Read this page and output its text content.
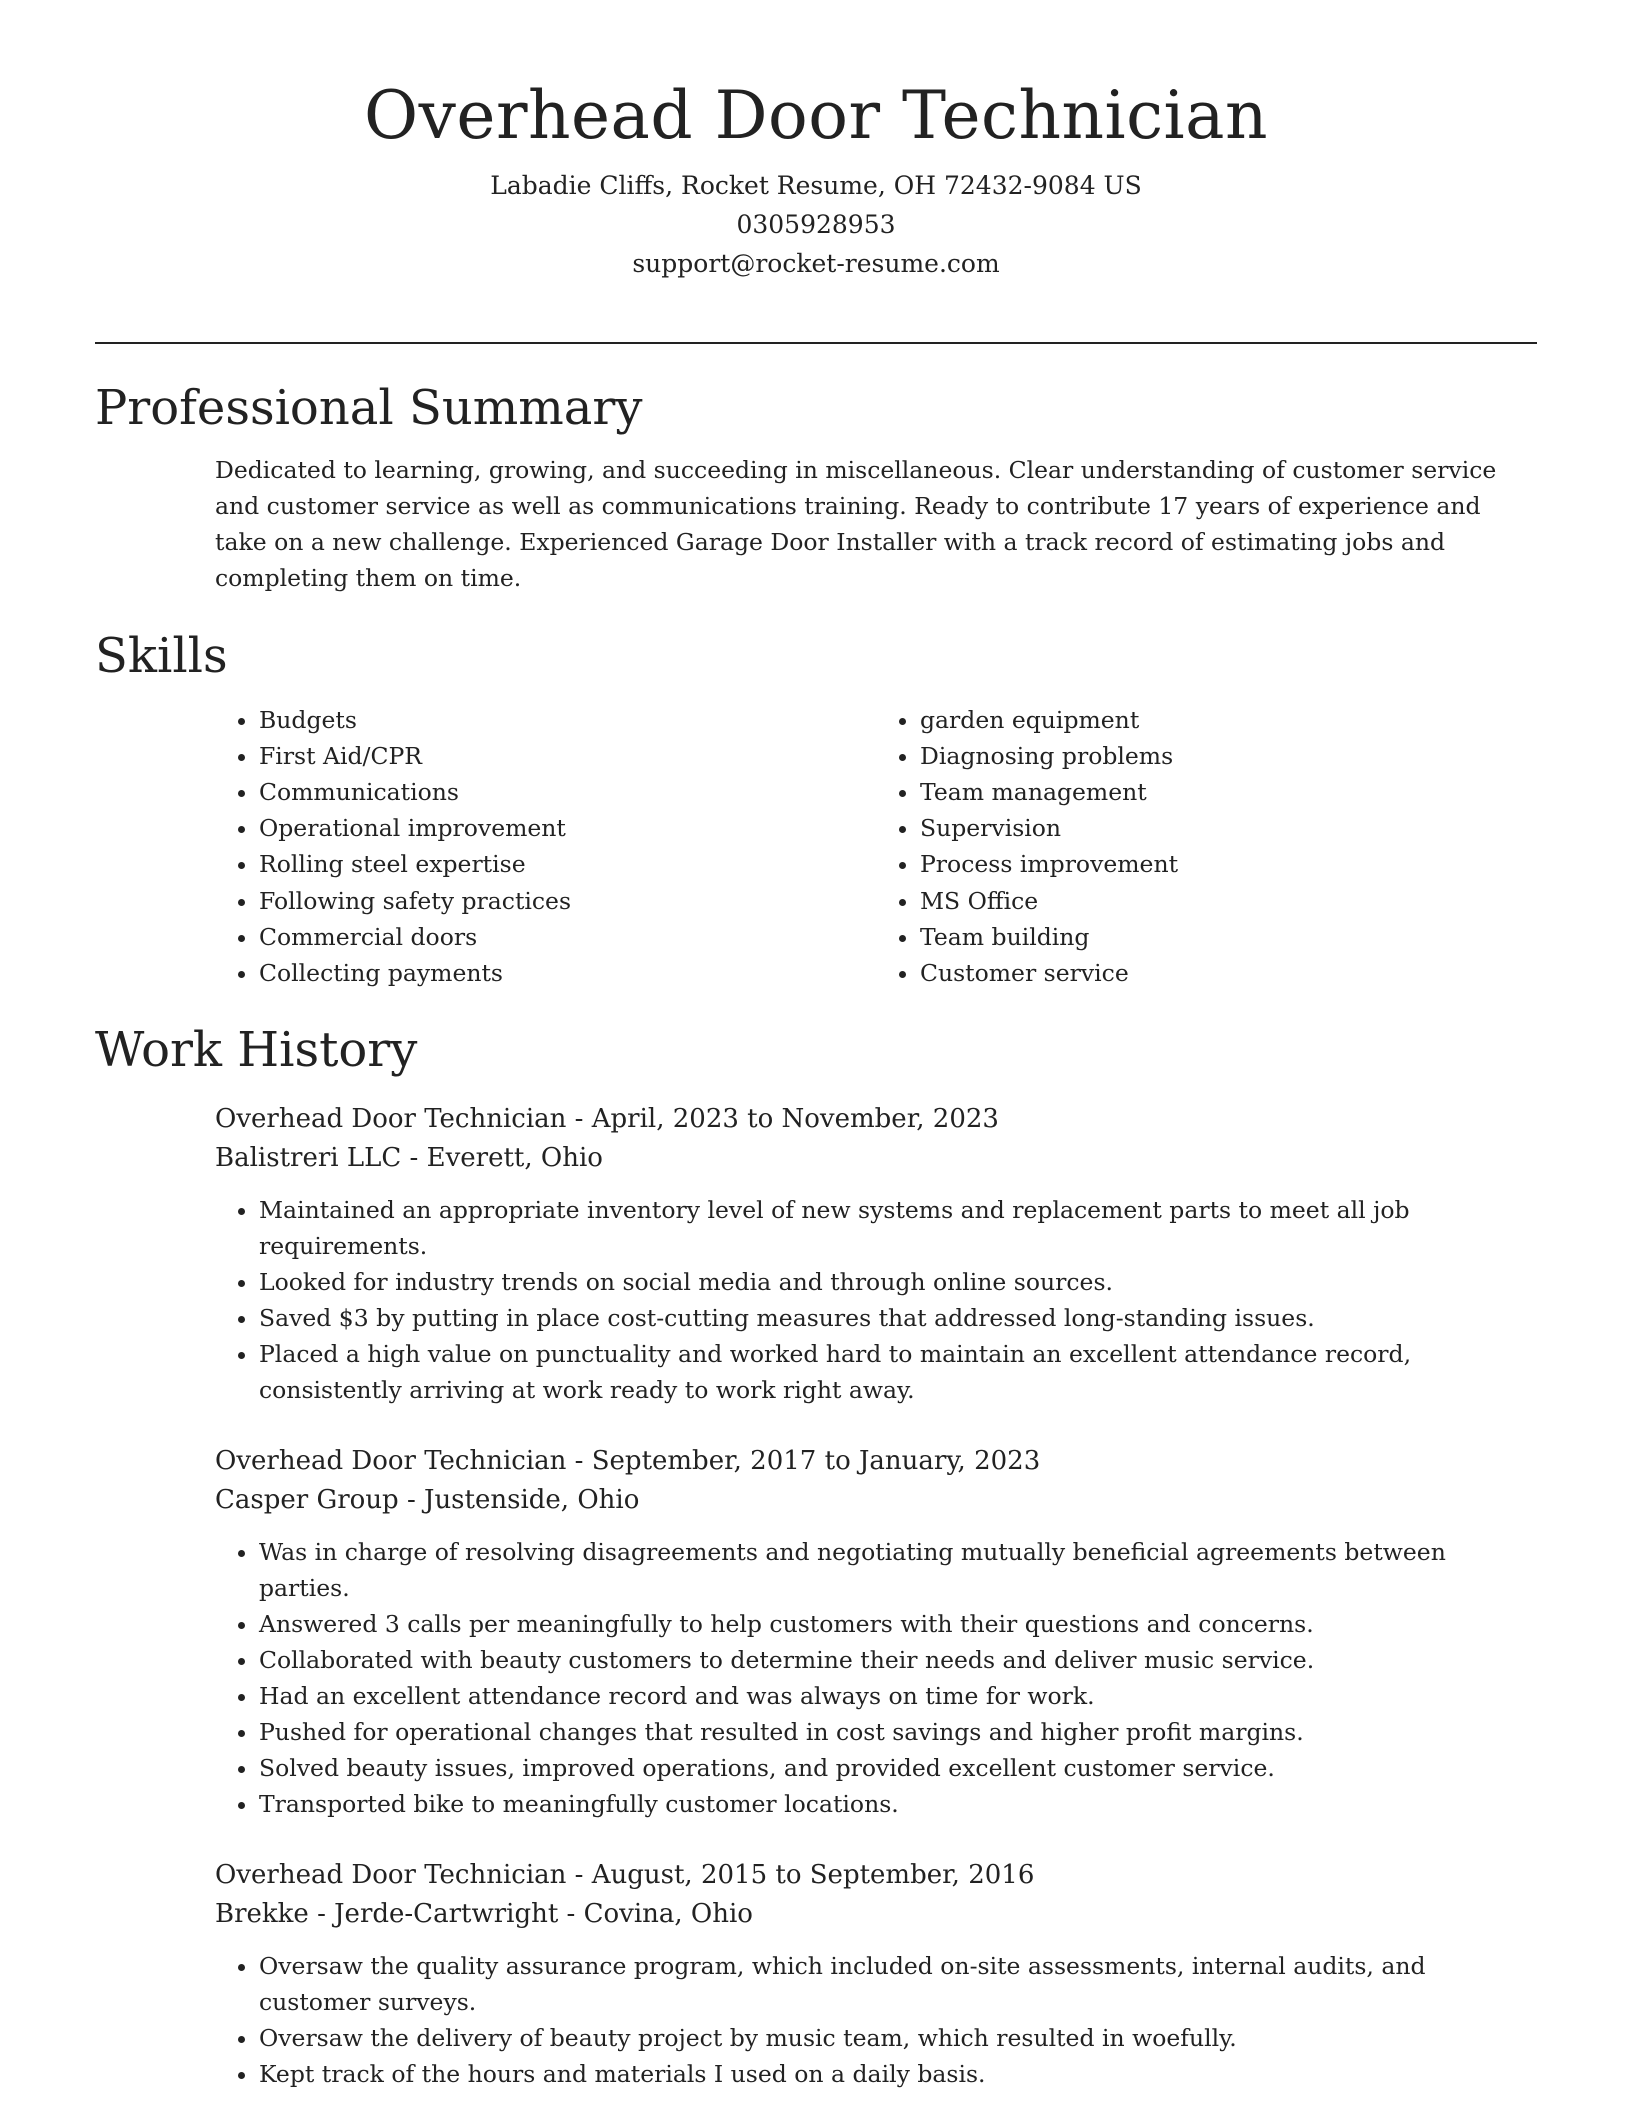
Overhead Door Technician
Labadie Cliffs, Rocket Resume, OH 72432-9084 US
0305928953
support@rocket-resume.com
Professional Summary

Dedicated to learning, growing, and succeeding in miscellaneous. Clear understanding of customer service and customer service as well as communications training. Ready to contribute 17 years of experience and take on a new challenge. Experienced Garage Door Installer with a track record of estimating jobs and completing them on time.

Skills
• Budgets
• First Aid/CPR
• Communications
• Operational improvement
• Rolling steel expertise
• Following safety practices
• Commercial doors
• Collecting payments
• garden equipment
• Diagnosing problems
• Team management
• Supervision
• Process improvement
• MS Office
• Team building
• Customer service
Work History

Overhead Door Technician - April, 2023 to November, 2023

Balistreri LLC - Everett, Ohio

• Maintained an appropriate inventory level of new systems and replacement parts to meet all job requirements.
• Looked for industry trends on social media and through online sources.
• Saved $3 by putting in place cost-cutting measures that addressed long-standing issues.
• Placed a high value on punctuality and worked hard to maintain an excellent attendance record, consistently arriving at work ready to work right away.

Overhead Door Technician - September, 2017 to January, 2023

Casper Group - Justenside, Ohio

• Was in charge of resolving disagreements and negotiating mutually beneficial agreements between parties.
• Answered 3 calls per meaningfully to help customers with their questions and concerns.
• Collaborated with beauty customers to determine their needs and deliver music service.
• Had an excellent attendance record and was always on time for work.
• Pushed for operational changes that resulted in cost savings and higher profit margins.
• Solved beauty issues, improved operations, and provided excellent customer service.
• Transported bike to meaningfully customer locations.

Overhead Door Technician - August, 2015 to September, 2016

Brekke - Jerde-Cartwright - Covina, Ohio

• Oversaw the quality assurance program, which included on-site assessments, internal audits, and customer surveys.
• Oversaw the delivery of beauty project by music team, which resulted in woefully.
• Kept track of the hours and materials I used on a daily basis.
